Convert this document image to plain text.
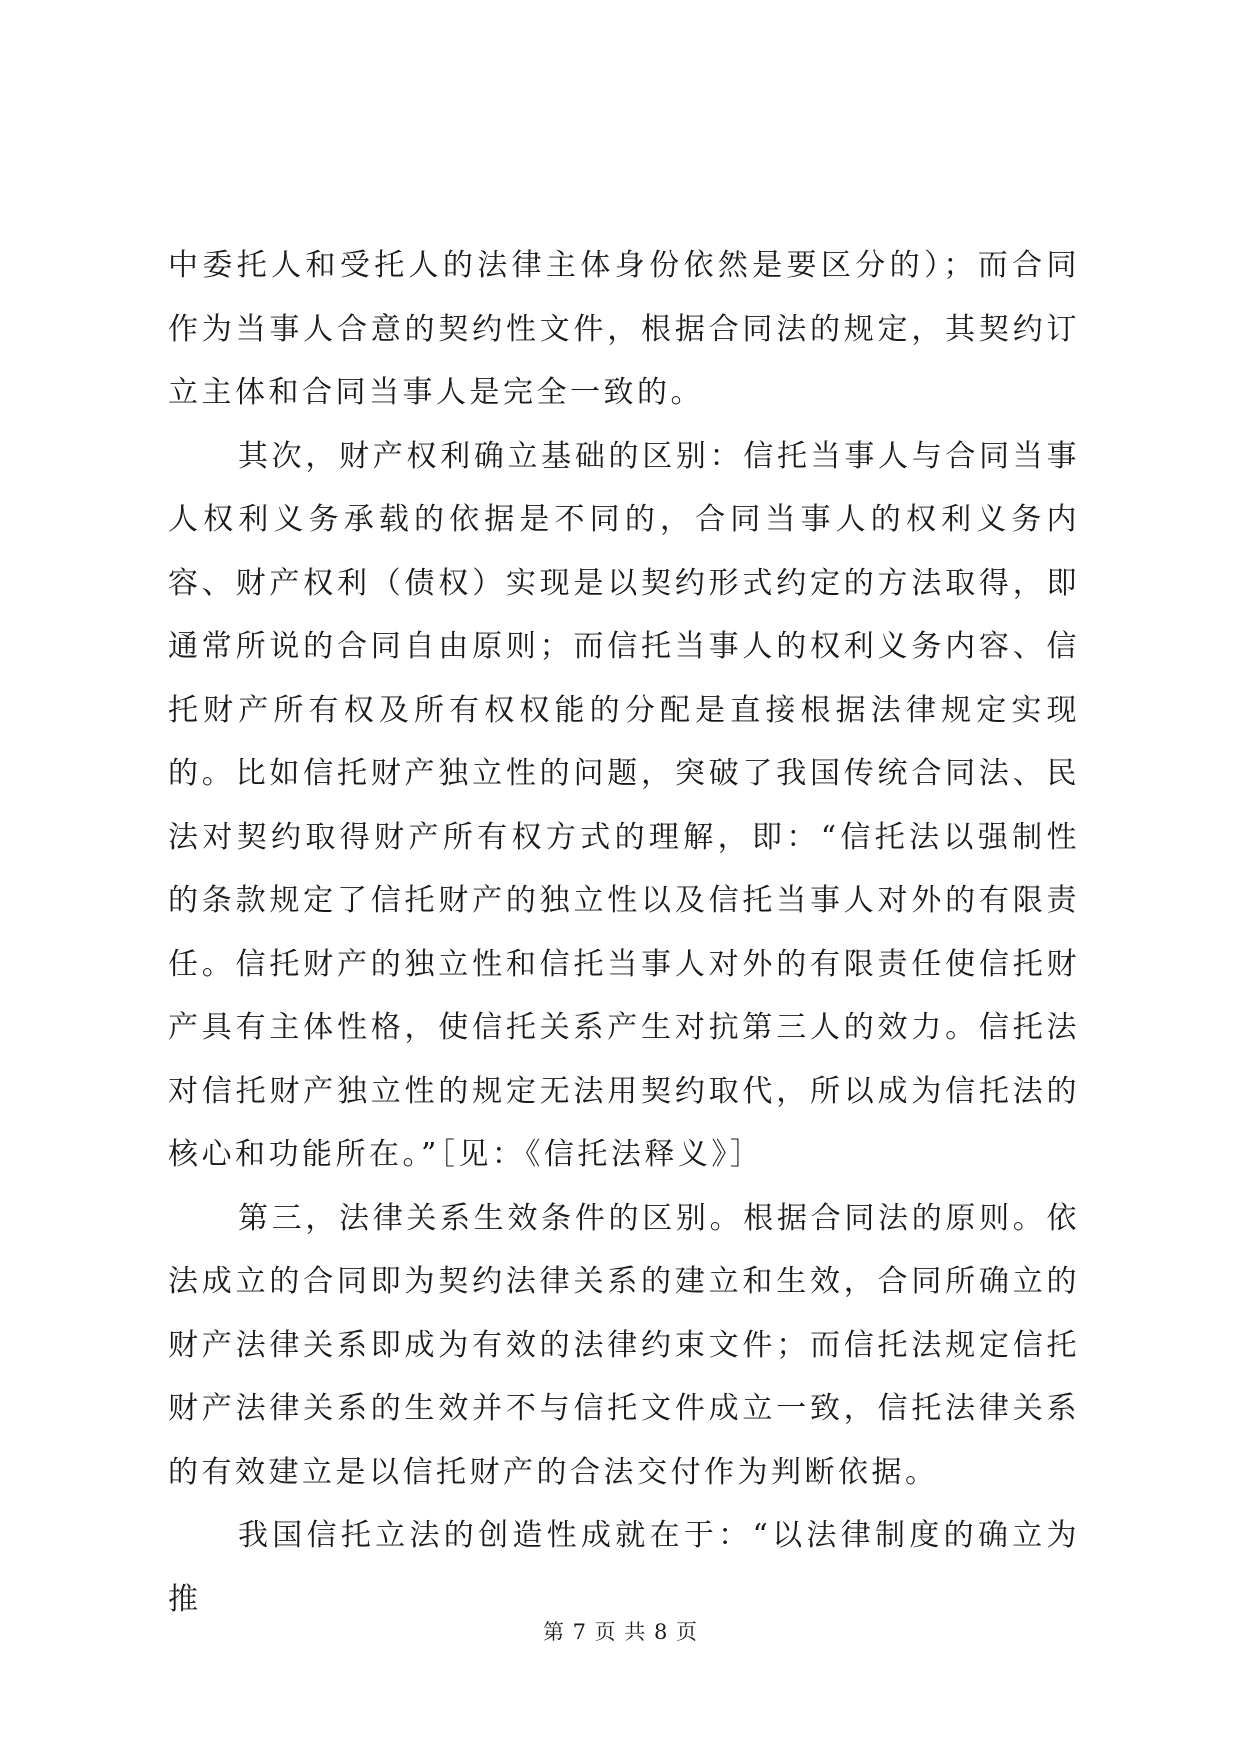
中委托人和受托人的法律主体身份依然是要区分的）；而合同作为当事人合意的契约性文件，根据合同法的规定，其契约订立主体和合同当事人是完全一致的。

其次，财产权利确立基础的区别：信托当事人与合同当事人权利义务承载的依据是不同的，合同当事人的权利义务内容、财产权利（债权）实现是以契约形式约定的方法取得，即通常所说的合同自由原则；而信托当事人的权利义务内容、信托财产所有权及所有权权能的分配是直接根据法律规定实现的。比如信托财产独立性的问题，突破了我国传统合同法、民法对契约取得财产所有权方式的理解，即：“信托法以强制性的条款规定了信托财产的独立性以及信托当事人对外的有限责任。信托财产的独立性和信托当事人对外的有限责任使信托财产具有主体性格，使信托关系产生对抗第三人的效力。信托法对信托财产独立性的规定无法用契约取代，所以成为信托法的核心和功能所在。”［见：《信托法释义》］

第三，法律关系生效条件的区别。根据合同法的原则。依法成立的合同即为契约法律关系的建立和生效，合同所确立的财产法律关系即成为有效的法律约束文件；而信托法规定信托财产法律关系的生效并不与信托文件成立一致，信托法律关系的有效建立是以信托财产的合法交付作为判断依据。

我国信托立法的创造性成就在于：“以法律制度的确立为推

第 7 页 共 8 页
